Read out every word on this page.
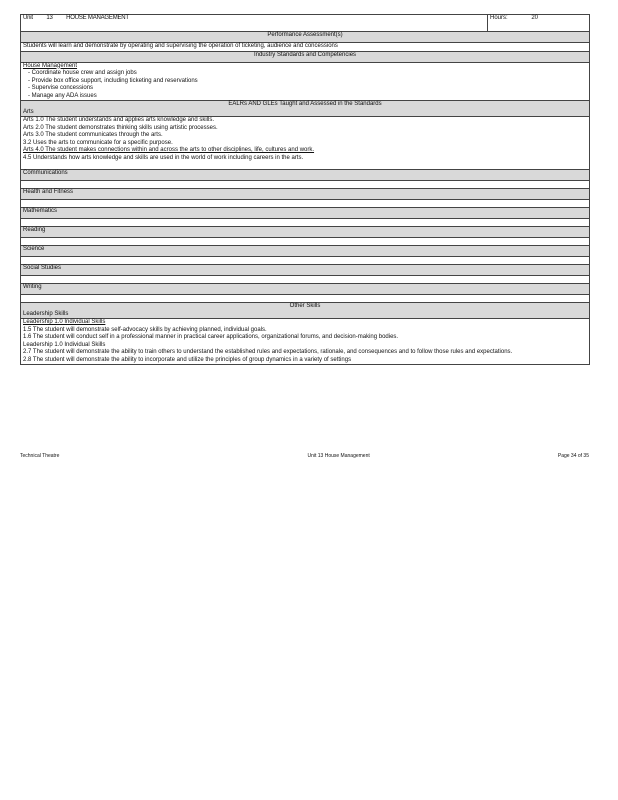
Unit 13 HOUSE MANAGEMENT	Hours:	20
Performance Assessment(s)
Students will learn and demonstrate by operating and supervising the operation of ticketing, audience and concessions
Industry Standards and Competencies

House Management
- Coordinate house crew and assign jobs
- Provide box office support, including ticketing and reservations
- Supervise concessions
- Manage any ADA issues

EALRs AND GLEs Taught and Assessed in the Standards
Arts

Arts 1.0 The student understands and applies arts knowledge and skills.
Arts 2.0 The student demonstrates thinking skills using artistic processes.
Arts 3.0 The student communicates through the arts.
3.2 Uses the arts to communicate for a specific purpose.
Arts 4.0 The student makes connections within and across the arts to other disciplines, life, cultures and work.
4.5 Understands how arts knowledge and skills are used in the world of work including careers in the arts.

Communications

Health and Fitness

Mathematics

Reading

Science

Social Studies

Writing

Other Skills
Leadership Skills

Leadership 1.0 Individual Skills
1.5 The student will demonstrate self-advocacy skills by achieving planned, individual goals.
1.6 The student will conduct self in a professional manner in practical career applications, organizational forums, and decision-making bodies.
Leadership 1.0 Individual Skills
2.7 The student will demonstrate the ability to train others to understand the established rules and expectations, rationale, and consequences and to follow those rules and expectations.
2.8 The student will demonstrate the ability to incorporate and utilize the principles of group dynamics in a variety of settings
Technical Theatre	Unit 13 House Management	Page 34 of 35
